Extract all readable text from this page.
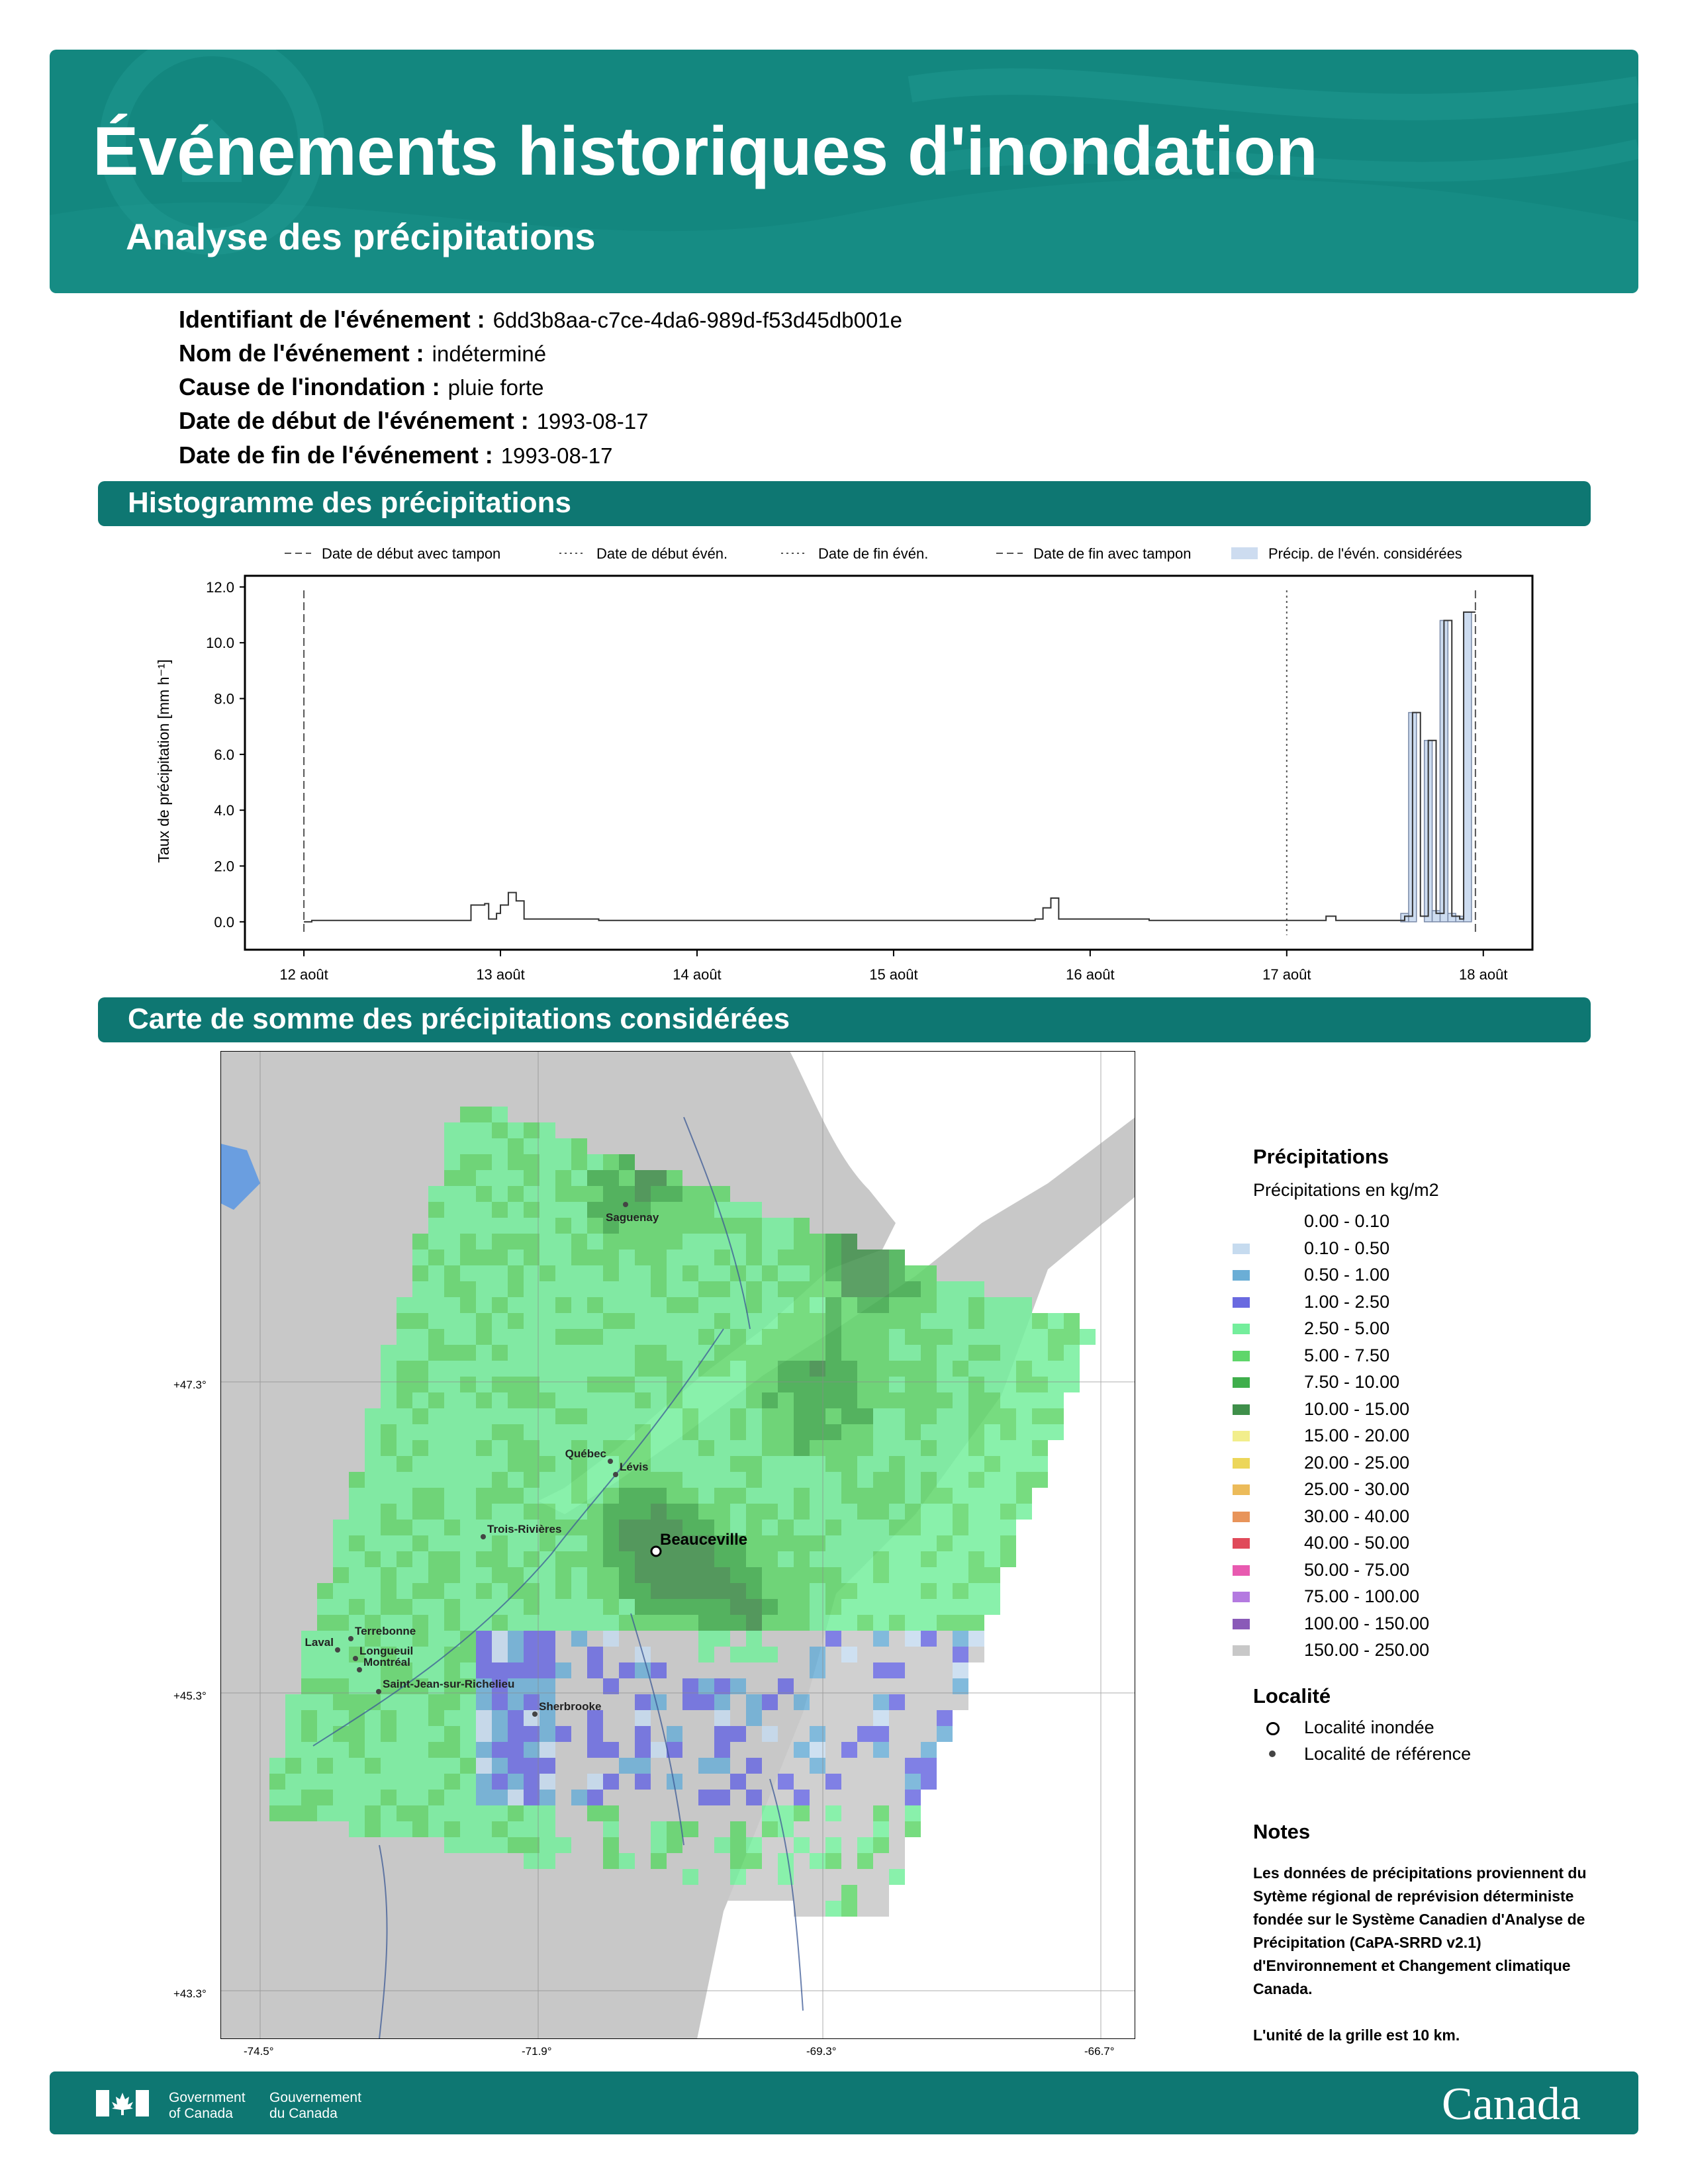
Événements historiques d'inondation
Analyse des précipitations
Identifiant de l'événement : 6dd3b8aa-c7ce-4da6-989d-f53d45db001e
Nom de l'événement : indéterminé
Cause de l'inondation : pluie forte
Date de début de l'événement : 1993-08-17
Date de fin de l'événement : 1993-08-17
Histogramme des précipitations
Date de début avec tampon	Date de début évén.	Date de fin évén.	Date de fin avec tampon	Précip. de l'évén. considérées
0.0
2.0
4.0
6.0
8.0
10.0
12.0
12 août	13 août	14 août	15 août	16 août	17 août	18 août
Taux de précipitation [mm h⁻¹]
Carte de somme des précipitations considérées
Saguenay
Québec
Lévis
Trois-Rivières
Beauceville
Terrebonne
Laval
Longueuil
Montréal
Sherbrooke
Saint-Jean-sur-Richelieu
+47.3°
+45.3°
+43.3°
-74.5°	-71.9°	-69.3°	-66.7°
Précipitations
Précipitations en kg/m2
0.00 - 0.10
0.10 - 0.50
0.50 - 1.00
1.00 - 2.50
2.50 - 5.00
5.00 - 7.50
7.50 - 10.00
10.00 - 15.00
15.00 - 20.00
20.00 - 25.00
25.00 - 30.00
30.00 - 40.00
40.00 - 50.00
50.00 - 75.00
75.00 - 100.00
100.00 - 150.00
150.00 - 250.00
Localité
Localité inondée
Localité de référence
Notes
Les données de précipitations proviennent du Sytème régional de reprévision déterministe fondée sur le Système Canadien d'Analyse de Précipitation (CaPA-SRRD v2.1) d'Environnement et Changement climatique Canada.
L'unité de la grille est 10 km.
Government
of Canada
Gouvernement
du Canada	Canada
